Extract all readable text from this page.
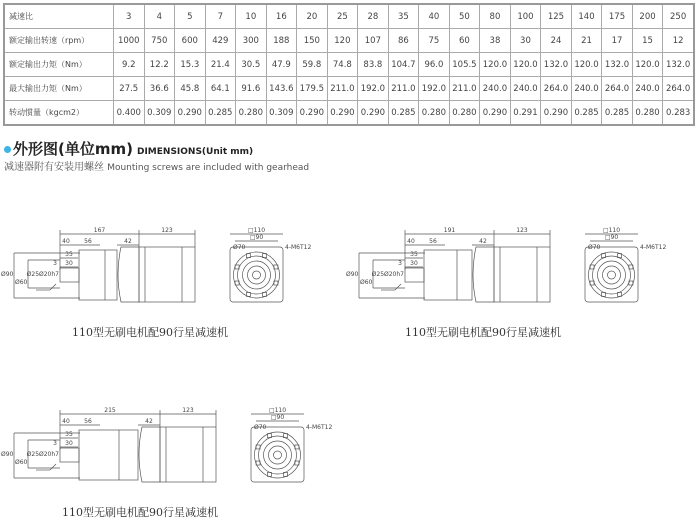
减速比	3	4	5	7	10	16	20	25	28	35	40	50	80	100	125	140	175	200	250
额定输出转速（rpm）	1000	750	600	429	300	188	150	120	107	86	75	60	38	30	24	21	17	15	12
额定输出力矩（Nm）	9.2	12.2	15.3	21.4	30.5	47.9	59.8	74.8	83.8	104.7	96.0	105.5	120.0	120.0	132.0	120.0	132.0	120.0	132.0
最大输出力矩（Nm）	27.5	36.6	45.8	64.1	91.6	143.6	179.5	211.0	192.0	211.0	192.0	211.0	240.0	240.0	264.0	240.0	264.0	240.0	264.0
转动惯量（kgcm2）	0.400	0.309	0.290	0.285	0.280	0.309	0.290	0.290	0.290	0.285	0.280	0.280	0.290	0.291	0.290	0.285	0.285	0.280	0.283
外形图(单位mm) DIMENSIONS(Unit mm)
减速器附有安装用螺丝 Mounting screws are included with gearhead
167	123
40 56	42
35
30
3
Ø90
Ø60
Ø25Ø20h7
□110
□90
Ø70	4-M6T12
110型无刷电机配90行星减速机
191	123
40 56	42
35
30
3
Ø90
Ø60
Ø25Ø20h7
□110
□90
Ø70	4-M6T12
110型无刷电机配90行星减速机
215	123
40 56	42
35
30
3
Ø90
Ø60
Ø25Ø20h7
□110
□90
Ø70	4-M6T12
110型无刷电机配90行星减速机
